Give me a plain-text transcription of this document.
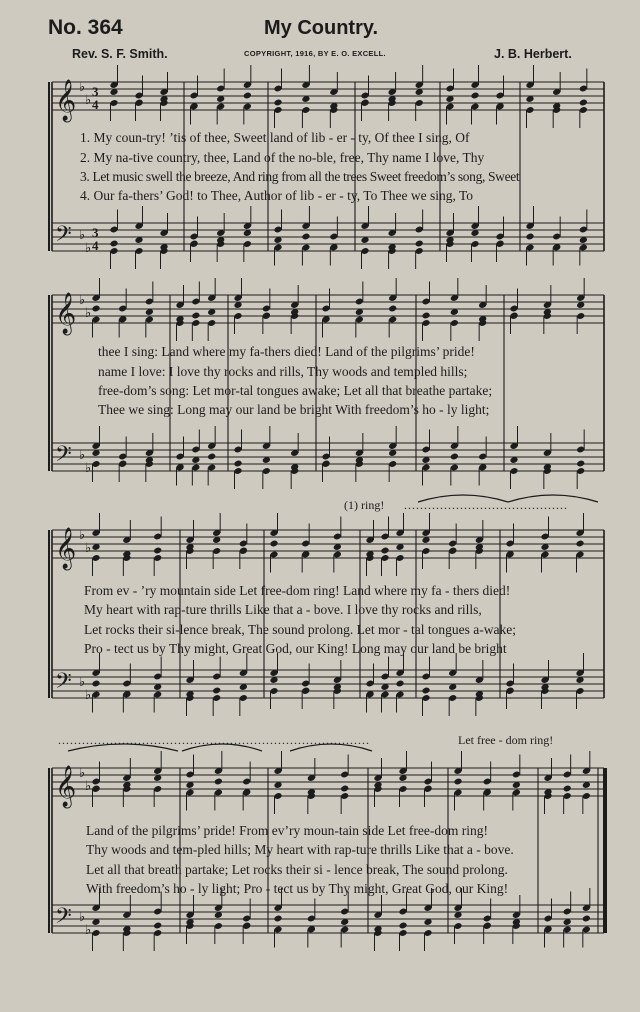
No. 364	My Country.
Rev. S. F. Smith.	COPYRIGHT, 1916, BY E. O. EXCELL.	J. B. Herbert.
𝄞 ♭
♭
3
4
𝄢 ♭
♭
3
4
𝄞 ♭
♭
𝄢 ♭
♭
𝄞 ♭
♭
𝄢 ♭
♭
𝄞 ♭
♭
𝄢 ♭
♭
1. My coun-try! ’tis of thee, Sweet land of lib - er - ty, Of thee I sing, Of
2. My na-tive country, thee, Land of the no-ble, free, Thy name I love, Thy
3. Let music swell the breeze, And ring from all the trees Sweet freedom’s song, Sweet
4. Our fa-thers’ God! to Thee, Author of lib - er - ty, To Thee we sing, To
thee I sing: Land where my fa-thers died! Land of the pilgrims’ pride!
name I love: I love thy rocks and rills, Thy woods and templed hills;
free-dom’s song: Let mor-tal tongues awake; Let all that breathe partake;
Thee we sing: Long may our land be bright With freedom’s ho - ly light;
(1) ring! .........................................
From ev - ’ry mountain side Let free-dom ring! Land where my fa - thers died!
My heart with rap-ture thrills Like that a - bove. I love thy rocks and rills,
Let rocks their si-lence break, The sound prolong. Let mor - tal tongues a-wake;
Pro - tect us by Thy might, Great God, our King! Long may our land be bright
..............................................................................	Let free - dom ring!
Land of the pilgrims’ pride! From ev’ry moun-tain side Let free-dom ring!
Thy woods and tem-pled hills; My heart with rap-ture thrills Like that a - bove.
Let all that breath partake; Let rocks their si - lence break, The sound prolong.
With freedom’s ho - ly light; Pro - tect us by Thy might, Great God, our King!
